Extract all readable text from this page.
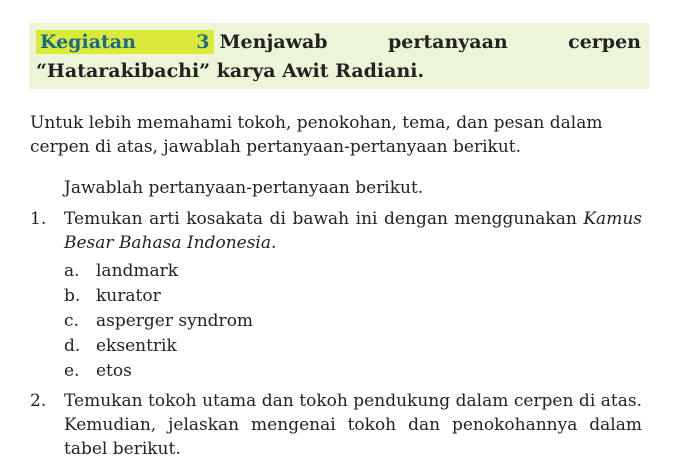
Kegiatan 3 Menjawab pertanyaan cerpen “Hatarakibachi” karya Awit Radiani.
Untuk lebih memahami tokoh, penokohan, tema, dan pesan dalam cerpen di atas, jawablah pertanyaan-pertanyaan berikut.
Jawablah pertanyaan-pertanyaan berikut.
1. Temukan arti kosakata di bawah ini dengan menggunakan Kamus Besar Bahasa Indonesia.
a. landmark
b. kurator
c. asperger syndrom
d. eksentrik
e. etos
2. Temukan tokoh utama dan tokoh pendukung dalam cerpen di atas. Kemudian, jelaskan mengenai tokoh dan penokohannya dalam tabel berikut.
